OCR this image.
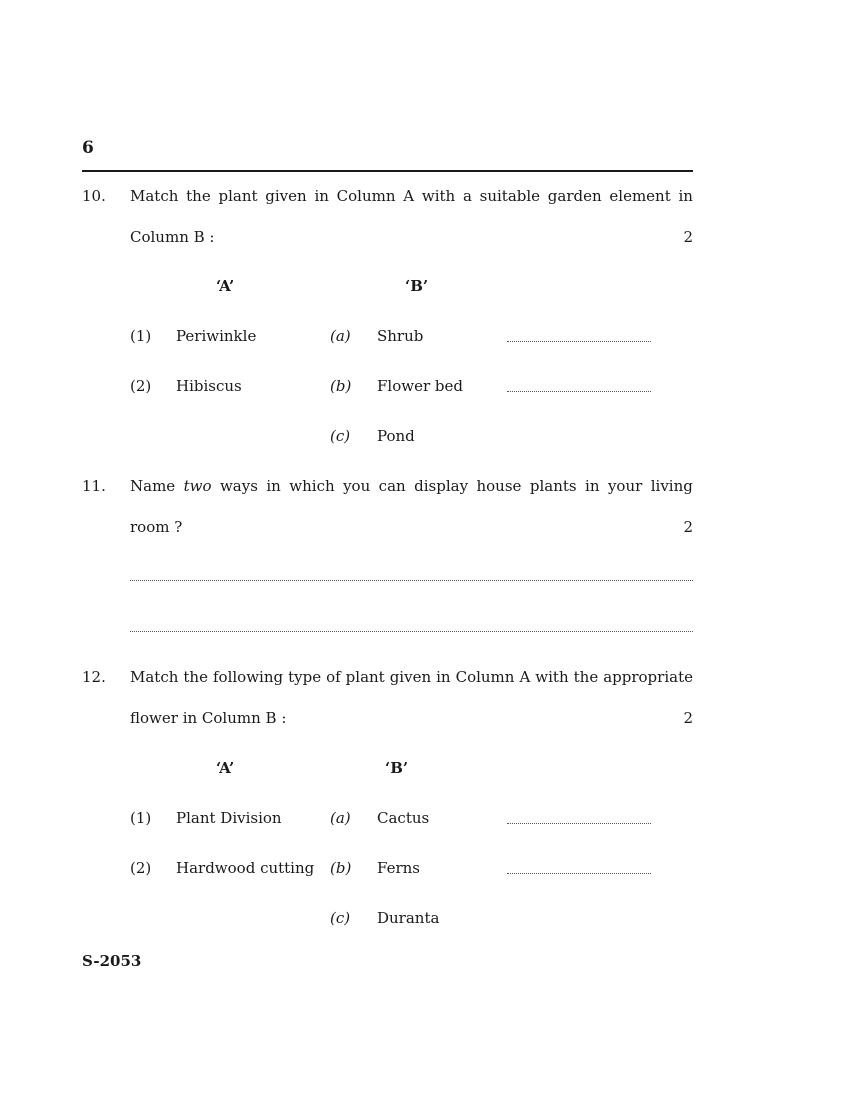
6
10. Match the plant given in Column A with a suitable garden element in
Column B :	2
‘A’	‘B’
(1) Periwinkle	(a) Shrub
(2) Hibiscus	(b) Flower bed
(c) Pond
11. Name two ways in which you can display house plants in your living
room ?	2
12. Match the following type of plant given in Column A with the appropriate
flower in Column B :	2
‘A’	‘B’
(1) Plant Division	(a) Cactus
(2) Hardwood cutting (b) Ferns
(c) Duranta
S-2053
